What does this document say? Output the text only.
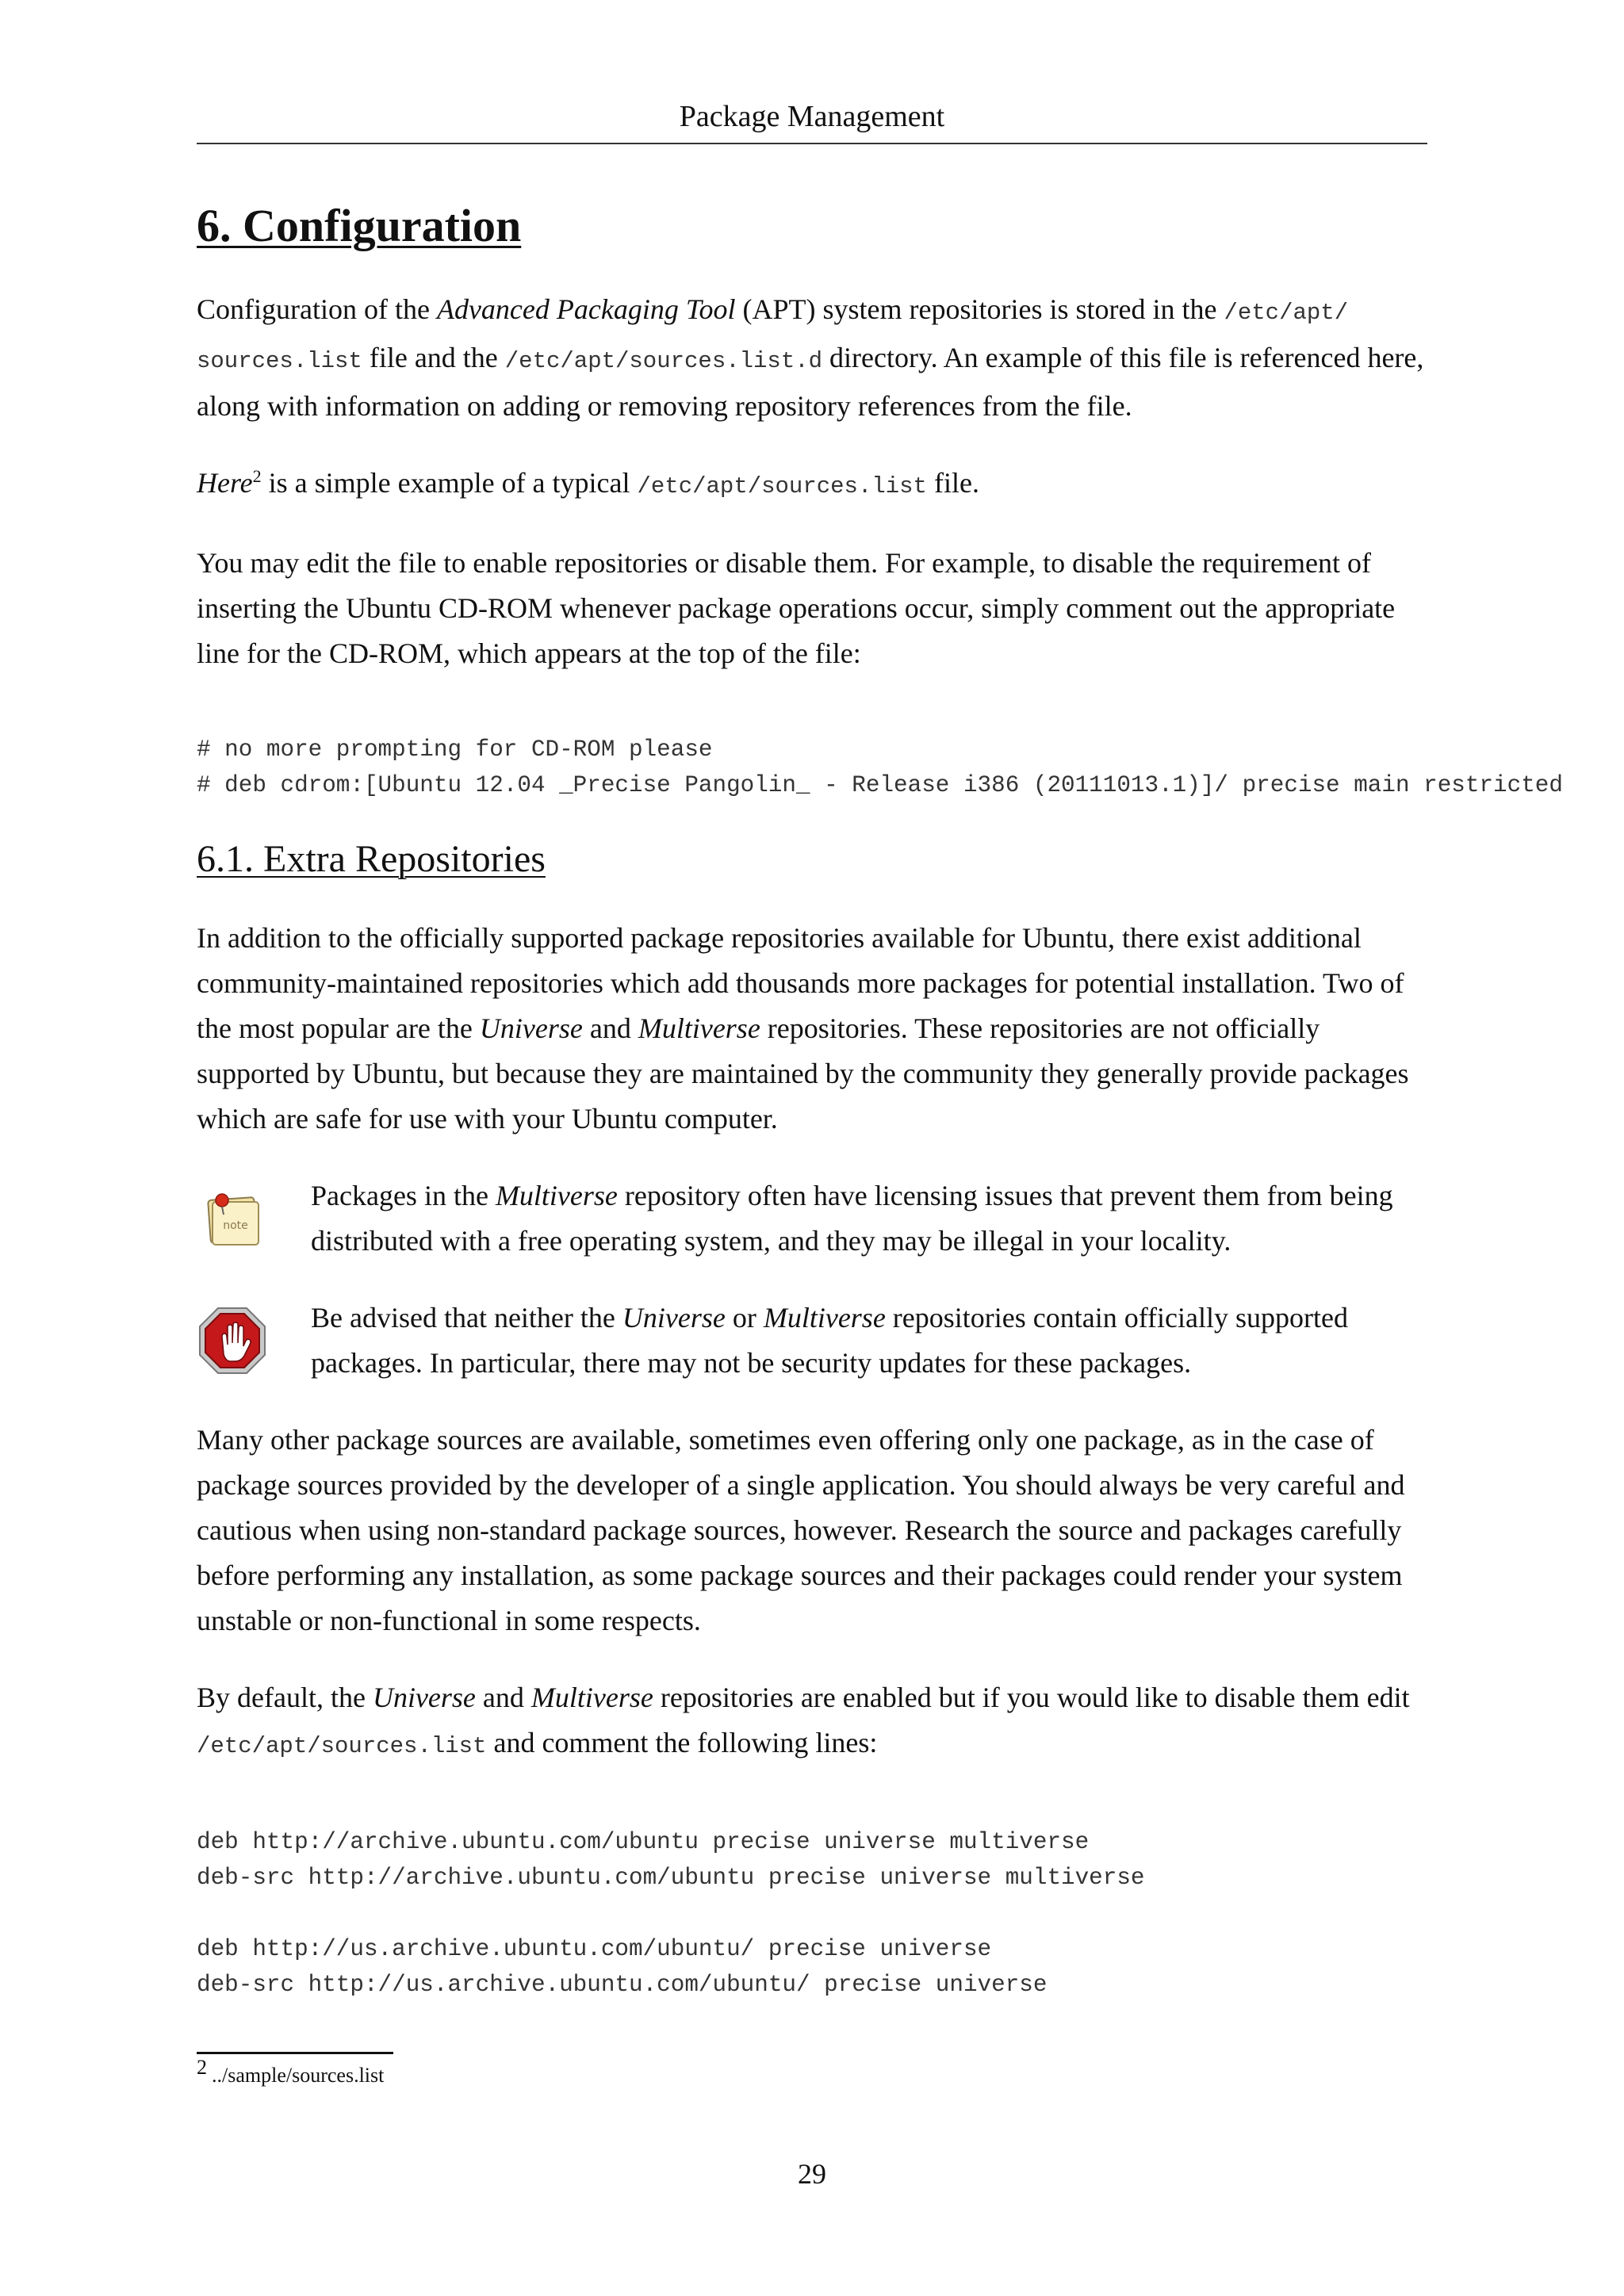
Package Management
6. Configuration

Configuration of the Advanced Packaging Tool (APT) system repositories is stored in the /etc/apt/ sources.list file and the /etc/apt/sources.list.d directory. An example of this file is referenced here, along with information on adding or removing repository references from the file.

Here$^2$ is a simple example of a typical /etc/apt/sources.list file.

You may edit the file to enable repositories or disable them. For example, to disable the requirement of inserting the Ubuntu CD-ROM whenever package operations occur, simply comment out the appropriate line for the CD-ROM, which appears at the top of the file:

# no more prompting for CD-ROM please
# deb cdrom:[Ubuntu 12.04 _Precise Pangolin_ - Release i386 (20111013.1)]/ precise main restricted
6.1. Extra Repositories

In addition to the officially supported package repositories available for Ubuntu, there exist additional community-maintained repositories which add thousands more packages for potential installation. Two of the most popular are the Universe and Multiverse repositories. These repositories are not officially supported by Ubuntu, but because they are maintained by the community they generally provide packages which are safe for use with your Ubuntu computer.

note

Packages in the Multiverse repository often have licensing issues that prevent them from being distributed with a free operating system, and they may be illegal in your locality.

Be advised that neither the Universe or Multiverse repositories contain officially supported packages. In particular, there may not be security updates for these packages.

Many other package sources are available, sometimes even offering only one package, as in the case of package sources provided by the developer of a single application. You should always be very careful and cautious when using non-standard package sources, however. Research the source and packages carefully before performing any installation, as some package sources and their packages could render your system unstable or non-functional in some respects.

By default, the Universe and Multiverse repositories are enabled but if you would like to disable them edit /etc/apt/sources.list and comment the following lines:

deb http://archive.ubuntu.com/ubuntu precise universe multiverse
deb-src http://archive.ubuntu.com/ubuntu precise universe multiverse
deb http://us.archive.ubuntu.com/ubuntu/ precise universe
deb-src http://us.archive.ubuntu.com/ubuntu/ precise universe
2 ../sample/sources.list
29
